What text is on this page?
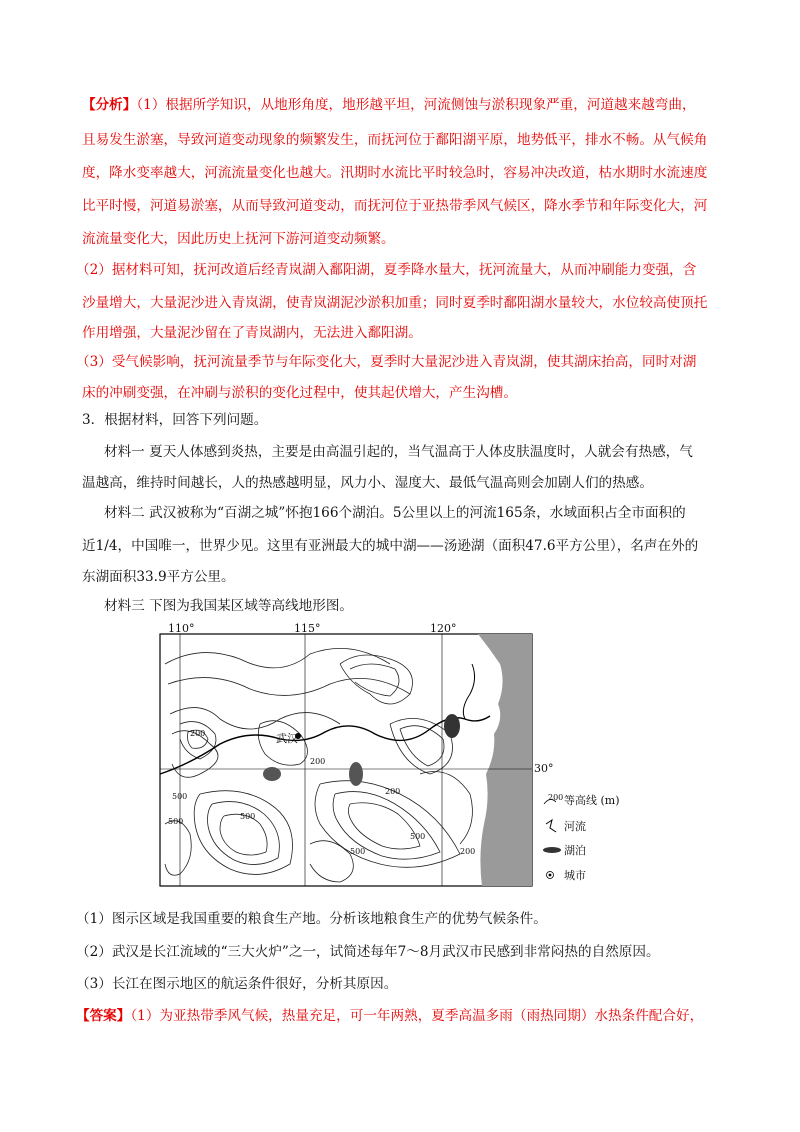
【分析】（1）根据所学知识，从地形角度，地形越平坦，河流侧蚀与淤积现象严重，河道越来越弯曲，
且易发生淤塞，导致河道变动现象的频繁发生，而抚河位于鄱阳湖平原，地势低平，排水不畅。从气候角
度，降水变率越大，河流流量变化也越大。汛期时水流比平时较急时，容易冲决改道，枯水期时水流速度
比平时慢，河道易淤塞，从而导致河道变动，而抚河位于亚热带季风气候区，降水季节和年际变化大，河
流流量变化大，因此历史上抚河下游河道变动频繁。
（2）据材料可知，抚河改道后经青岚湖入鄱阳湖，夏季降水量大，抚河流量大，从而冲刷能力变强，含
沙量增大，大量泥沙进入青岚湖，使青岚湖泥沙淤积加重；同时夏季时鄱阳湖水量较大，水位较高使顶托
作用增强，大量泥沙留在了青岚湖内，无法进入鄱阳湖。
（3）受气候影响，抚河流量季节与年际变化大，夏季时大量泥沙进入青岚湖，使其湖床抬高，同时对湖
床的冲刷变强，在冲刷与淤积的变化过程中，使其起伏增大，产生沟槽。
3．根据材料，回答下列问题。
材料一 夏天人体感到炎热，主要是由高温引起的，当气温高于人体皮肤温度时，人就会有热感，气
温越高，维持时间越长，人的热感越明显，风力小、湿度大、最低气温高则会加剧人们的热感。
材料二 武汉被称为“百湖之城”怀抱166个湖泊。5公里以上的河流165条，水域面积占全市面积的
近1/4，中国唯一，世界少见。这里有亚洲最大的城中湖——汤逊湖（面积47.6平方公里），名声在外的
东湖面积33.9平方公里。
材料三 下图为我国某区域等高线地形图。
武汉
110°	115°	120°
30°
200
500
500
200
500
200
500
200
500
200 等高线 (m)
河流
湖泊
城市
（1）图示区域是我国重要的粮食生产地。分析该地粮食生产的优势气候条件。
（2）武汉是长江流域的“三大火炉”之一，试简述每年7～8月武汉市民感到非常闷热的自然原因。
（3）长江在图示地区的航运条件很好，分析其原因。
【答案】（1）为亚热带季风气候，热量充足，可一年两熟，夏季高温多雨（雨热同期）水热条件配合好，
